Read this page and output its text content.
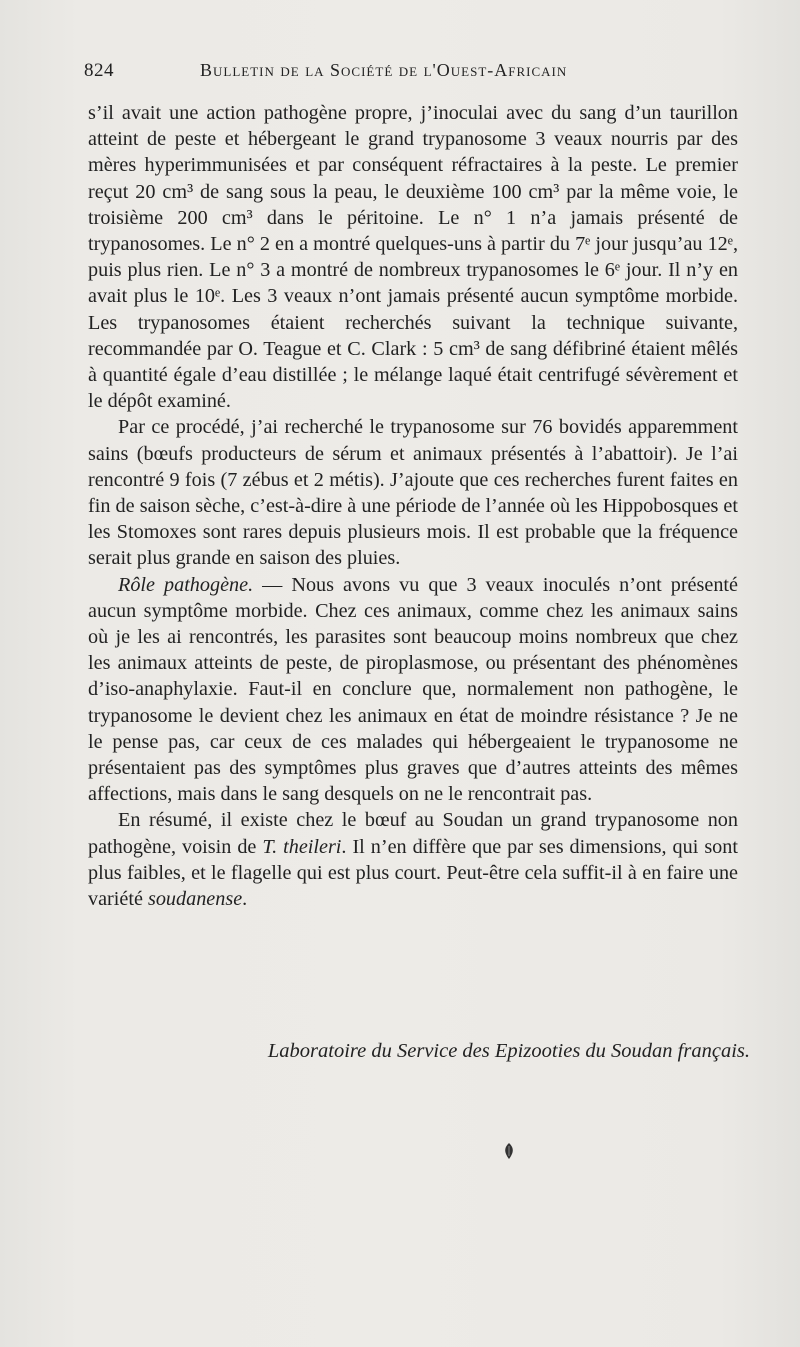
824	Bulletin de la Société de l'Ouest-Africain

s’il avait une action pathogène propre, j’inoculai avec du sang d’un taurillon atteint de peste et hébergeant le grand trypanosome 3 veaux nourris par des mères hyperimmunisées et par conséquent réfractaires à la peste. Le premier reçut 20 cm³ de sang sous la peau, le deuxième 100 cm³ par la même voie, le troisième 200 cm³ dans le péritoine. Le n° 1 n’a jamais présenté de trypanosomes. Le n° 2 en a montré quelques-uns à partir du 7ᵉ jour jusqu’au 12ᵉ, puis plus rien. Le n° 3 a montré de nombreux trypanosomes le 6ᵉ jour. Il n’y en avait plus le 10ᵉ. Les 3 veaux n’ont jamais présenté aucun symptôme morbide. Les trypanosomes étaient recherchés suivant la technique suivante, recommandée par O. Teague et C. Clark : 5 cm³ de sang défibriné étaient mêlés à quantité égale d’eau distillée ; le mélange laqué était centrifugé sévèrement et le dépôt examiné.

Par ce procédé, j’ai recherché le trypanosome sur 76 bovidés apparemment sains (bœufs producteurs de sérum et animaux présentés à l’abattoir). Je l’ai rencontré 9 fois (7 zébus et 2 métis). J’ajoute que ces recherches furent faites en fin de saison sèche, c’est-à-dire à une période de l’année où les Hippobosques et les Stomoxes sont rares depuis plusieurs mois. Il est probable que la fréquence serait plus grande en saison des pluies.

Rôle pathogène. — Nous avons vu que 3 veaux inoculés n’ont présenté aucun symptôme morbide. Chez ces animaux, comme chez les animaux sains où je les ai rencontrés, les parasites sont beaucoup moins nombreux que chez les animaux atteints de peste, de piroplasmose, ou présentant des phénomènes d’iso-anaphylaxie. Faut-il en conclure que, normalement non pathogène, le trypanosome le devient chez les animaux en état de moindre résistance ? Je ne le pense pas, car ceux de ces malades qui hébergeaient le trypanosome ne présentaient pas des symptômes plus graves que d’autres atteints des mêmes affections, mais dans le sang desquels on ne le rencontrait pas.

En résumé, il existe chez le bœuf au Soudan un grand trypanosome non pathogène, voisin de T. theileri. Il n’en diffère que par ses dimensions, qui sont plus faibles, et le flagelle qui est plus court. Peut-être cela suffit-il à en faire une variété soudanense.

Laboratoire du Service des Epizooties du Soudan français.
